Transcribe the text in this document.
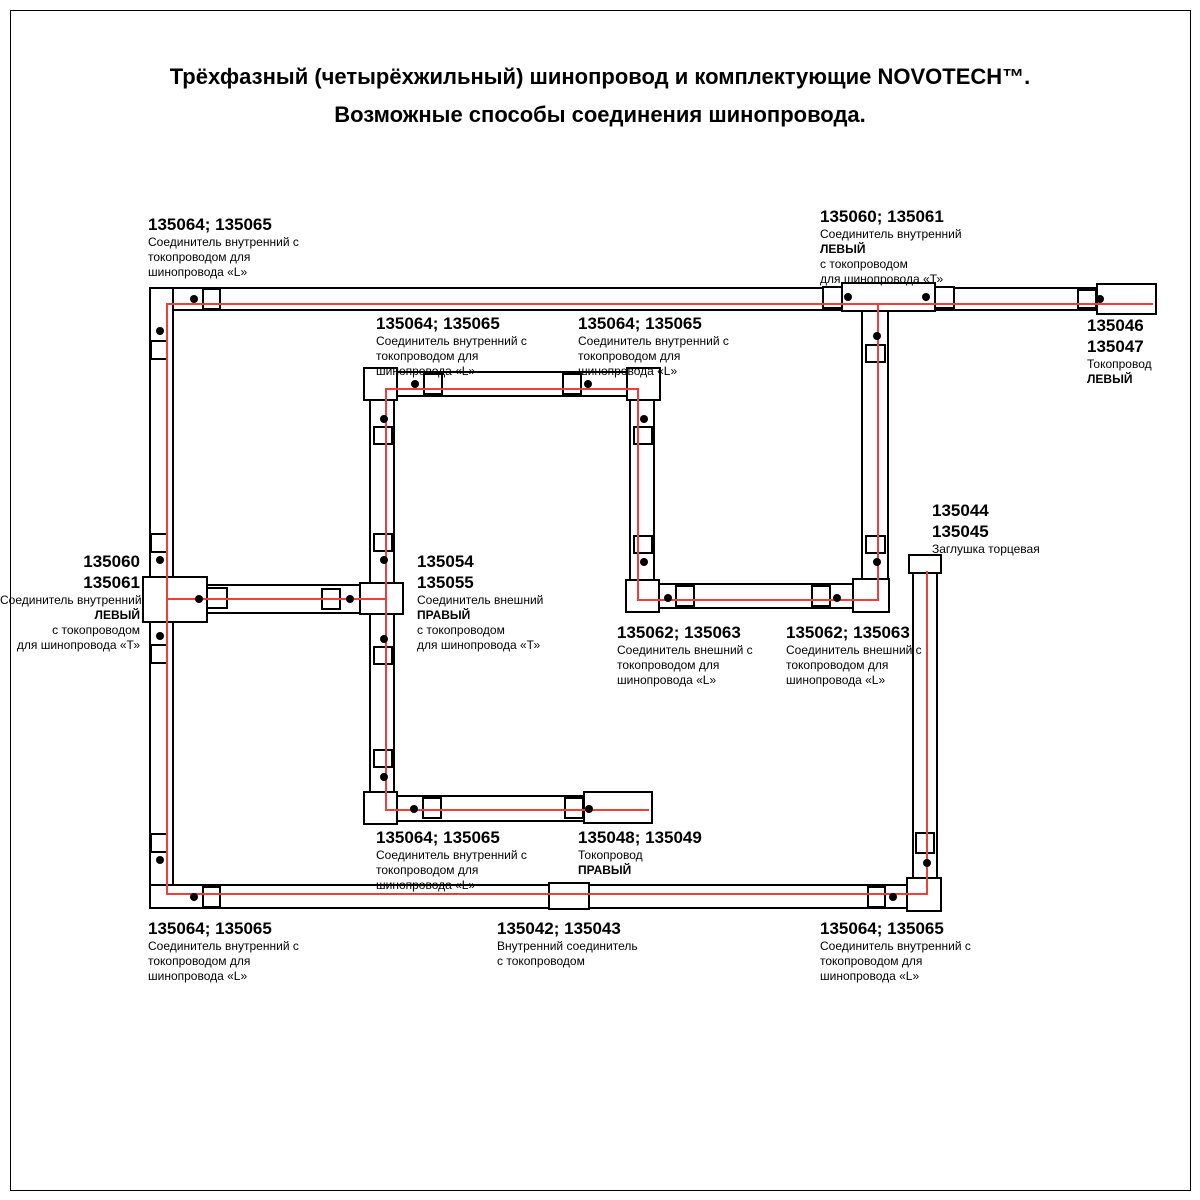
Трёхфазный (четырёхжильный) шинопровод и комплектующие NOVOTECH™.
Возможные способы соединения шинопровода.
135064; 135065
Соединитель внутренний с
токопроводом для
шинопровода «L»
135060; 135061
Соединитель внутренний
ЛЕВЫЙ
с токопроводом
для шинопровода «Т»
135064; 135065
Соединитель внутренний с
токопроводом для
шинопровода «L»
135064; 135065
Соединитель внутренний с
токопроводом для
шинопровода «L»
135046
135047
Токопровод
ЛЕВЫЙ
135060
135061
Соединитель внутренний
ЛЕВЫЙ
с токопроводом
для шинопровода «Т»
135054
135055
Соединитель внешний
ПРАВЫЙ
с токопроводом
для шинопровода «Т»
135044
135045
Заглушка торцевая
135062; 135063
Соединитель внешний с
токопроводом для
шинопровода «L»
135062; 135063
Соединитель внешний с
токопроводом для
шинопровода «L»
135064; 135065
Соединитель внутренний с
токопроводом для
шинопровода «L»
135048; 135049
Токопровод
ПРАВЫЙ
135064; 135065
Соединитель внутренний с
токопроводом для
шинопровода «L»
135042; 135043
Внутренний соединитель
с токопроводом
135064; 135065
Соединитель внутренний с
токопроводом для
шинопровода «L»
